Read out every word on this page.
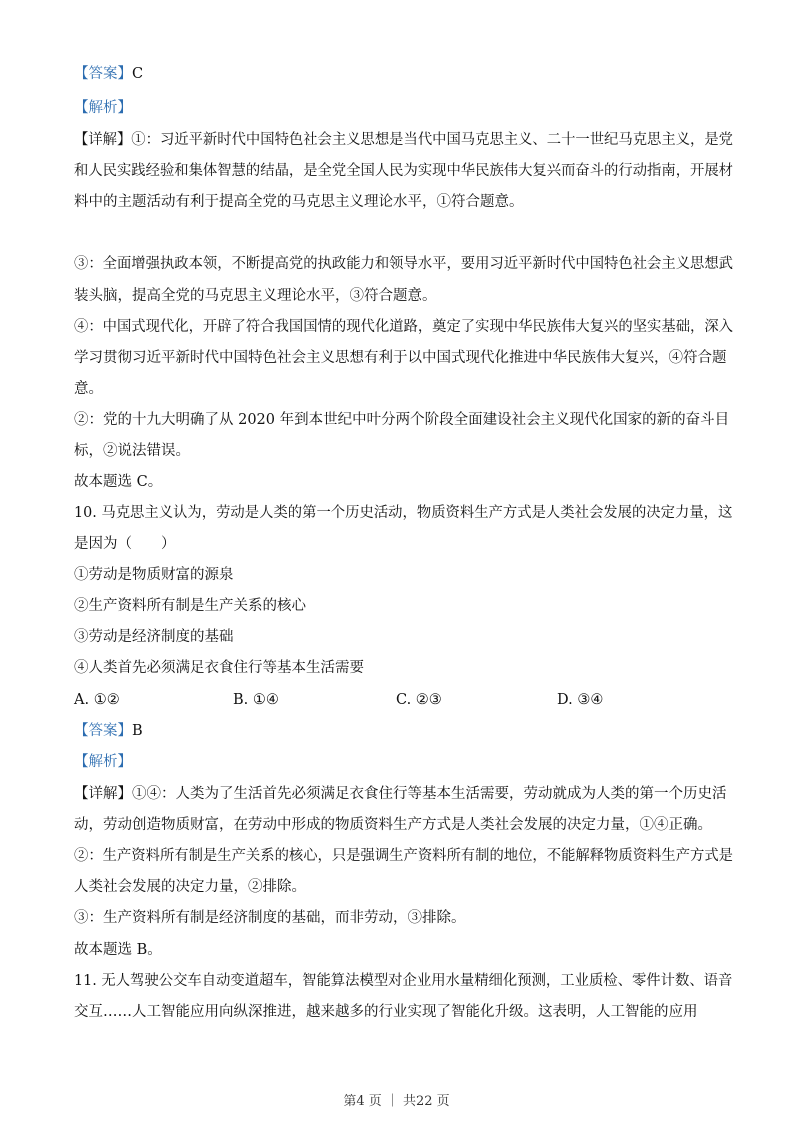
【答案】C
【解析】
【详解】①：习近平新时代中国特色社会主义思想是当代中国马克思主义、二十一世纪马克思主义，是党
和人民实践经验和集体智慧的结晶，是全党全国人民为实现中华民族伟大复兴而奋斗的行动指南，开展材
料中的主题活动有利于提高全党的马克思主义理论水平，①符合题意。
③：全面增强执政本领，不断提高党的执政能力和领导水平，要用习近平新时代中国特色社会主义思想武
装头脑，提高全党的马克思主义理论水平，③符合题意。
④：中国式现代化，开辟了符合我国国情的现代化道路，奠定了实现中华民族伟大复兴的坚实基础，深入
学习贯彻习近平新时代中国特色社会主义思想有利于以中国式现代化推进中华民族伟大复兴，④符合题
意。
②：党的十九大明确了从 2020 年到本世纪中叶分两个阶段全面建设社会主义现代化国家的新的奋斗目
标，②说法错误。
故本题选 C。
10. 马克思主义认为，劳动是人类的第一个历史活动，物质资料生产方式是人类社会发展的决定力量，这
是因为（　　）
①劳动是物质财富的源泉
②生产资料所有制是生产关系的核心
③劳动是经济制度的基础
④人类首先必须满足衣食住行等基本生活需要
A. ①②	B. ①④	C. ②③	D. ③④
【答案】B
【解析】
【详解】①④：人类为了生活首先必须满足衣食住行等基本生活需要，劳动就成为人类的第一个历史活
动，劳动创造物质财富，在劳动中形成的物质资料生产方式是人类社会发展的决定力量，①④正确。
②：生产资料所有制是生产关系的核心，只是强调生产资料所有制的地位，不能解释物质资料生产方式是
人类社会发展的决定力量，②排除。
③：生产资料所有制是经济制度的基础，而非劳动，③排除。
故本题选 B。
11. 无人驾驶公交车自动变道超车，智能算法模型对企业用水量精细化预测，工业质检、零件计数、语音
交互……人工智能应用向纵深推进，越来越多的行业实现了智能化升级。这表明，人工智能的应用
第4 页 ｜ 共22 页
